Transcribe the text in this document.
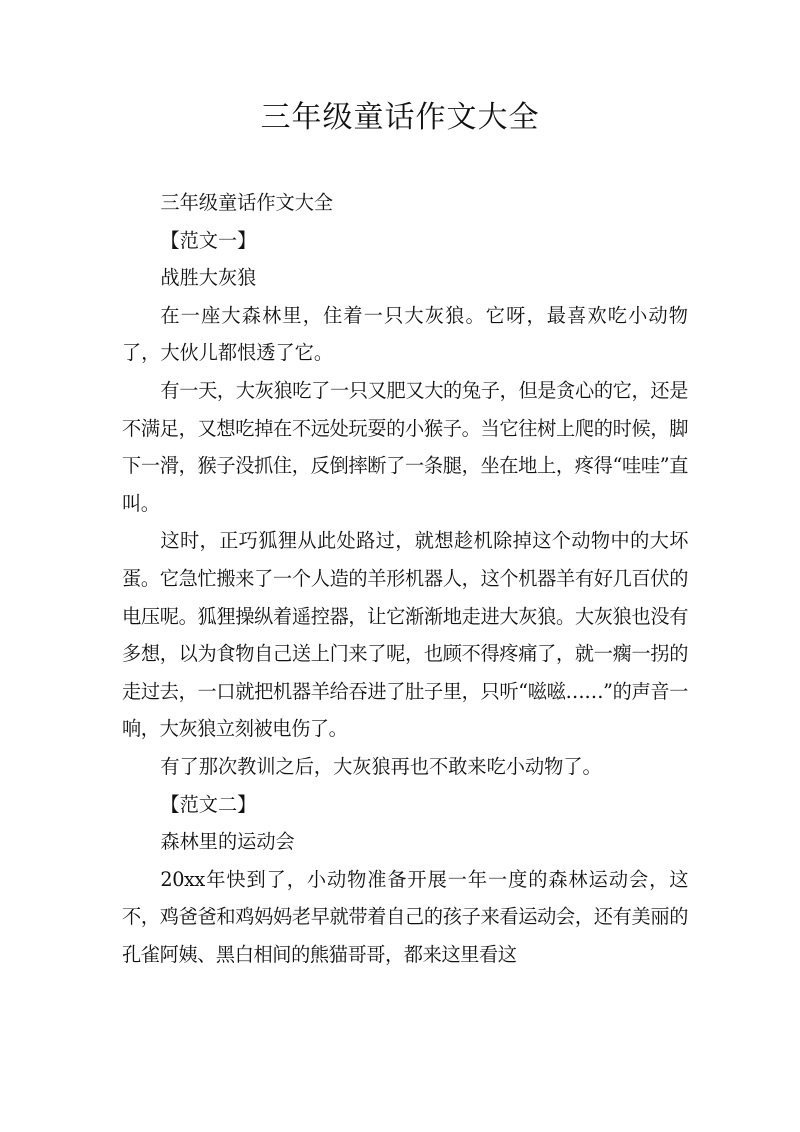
三年级童话作文大全

三年级童话作文大全

【范文一】

战胜大灰狼

在一座大森林里，住着一只大灰狼。它呀，最喜欢吃小动物了，大伙儿都恨透了它。

有一天，大灰狼吃了一只又肥又大的兔子，但是贪心的它，还是不满足，又想吃掉在不远处玩耍的小猴子。当它往树上爬的时候，脚下一滑，猴子没抓住，反倒摔断了一条腿，坐在地上，疼得“哇哇”直叫。

这时，正巧狐狸从此处路过，就想趁机除掉这个动物中的大坏蛋。它急忙搬来了一个人造的羊形机器人，这个机器羊有好几百伏的电压呢。狐狸操纵着遥控器，让它渐渐地走进大灰狼。大灰狼也没有多想，以为食物自己送上门来了呢，也顾不得疼痛了，就一瘸一拐的走过去，一口就把机器羊给吞进了肚子里，只听“嗞嗞……”的声音一响，大灰狼立刻被电伤了。

有了那次教训之后，大灰狼再也不敢来吃小动物了。

【范文二】

森林里的运动会

20xx年快到了，小动物准备开展一年一度的森林运动会，这不，鸡爸爸和鸡妈妈老早就带着自己的孩子来看运动会，还有美丽的孔雀阿姨、黑白相间的熊猫哥哥，都来这里看这
